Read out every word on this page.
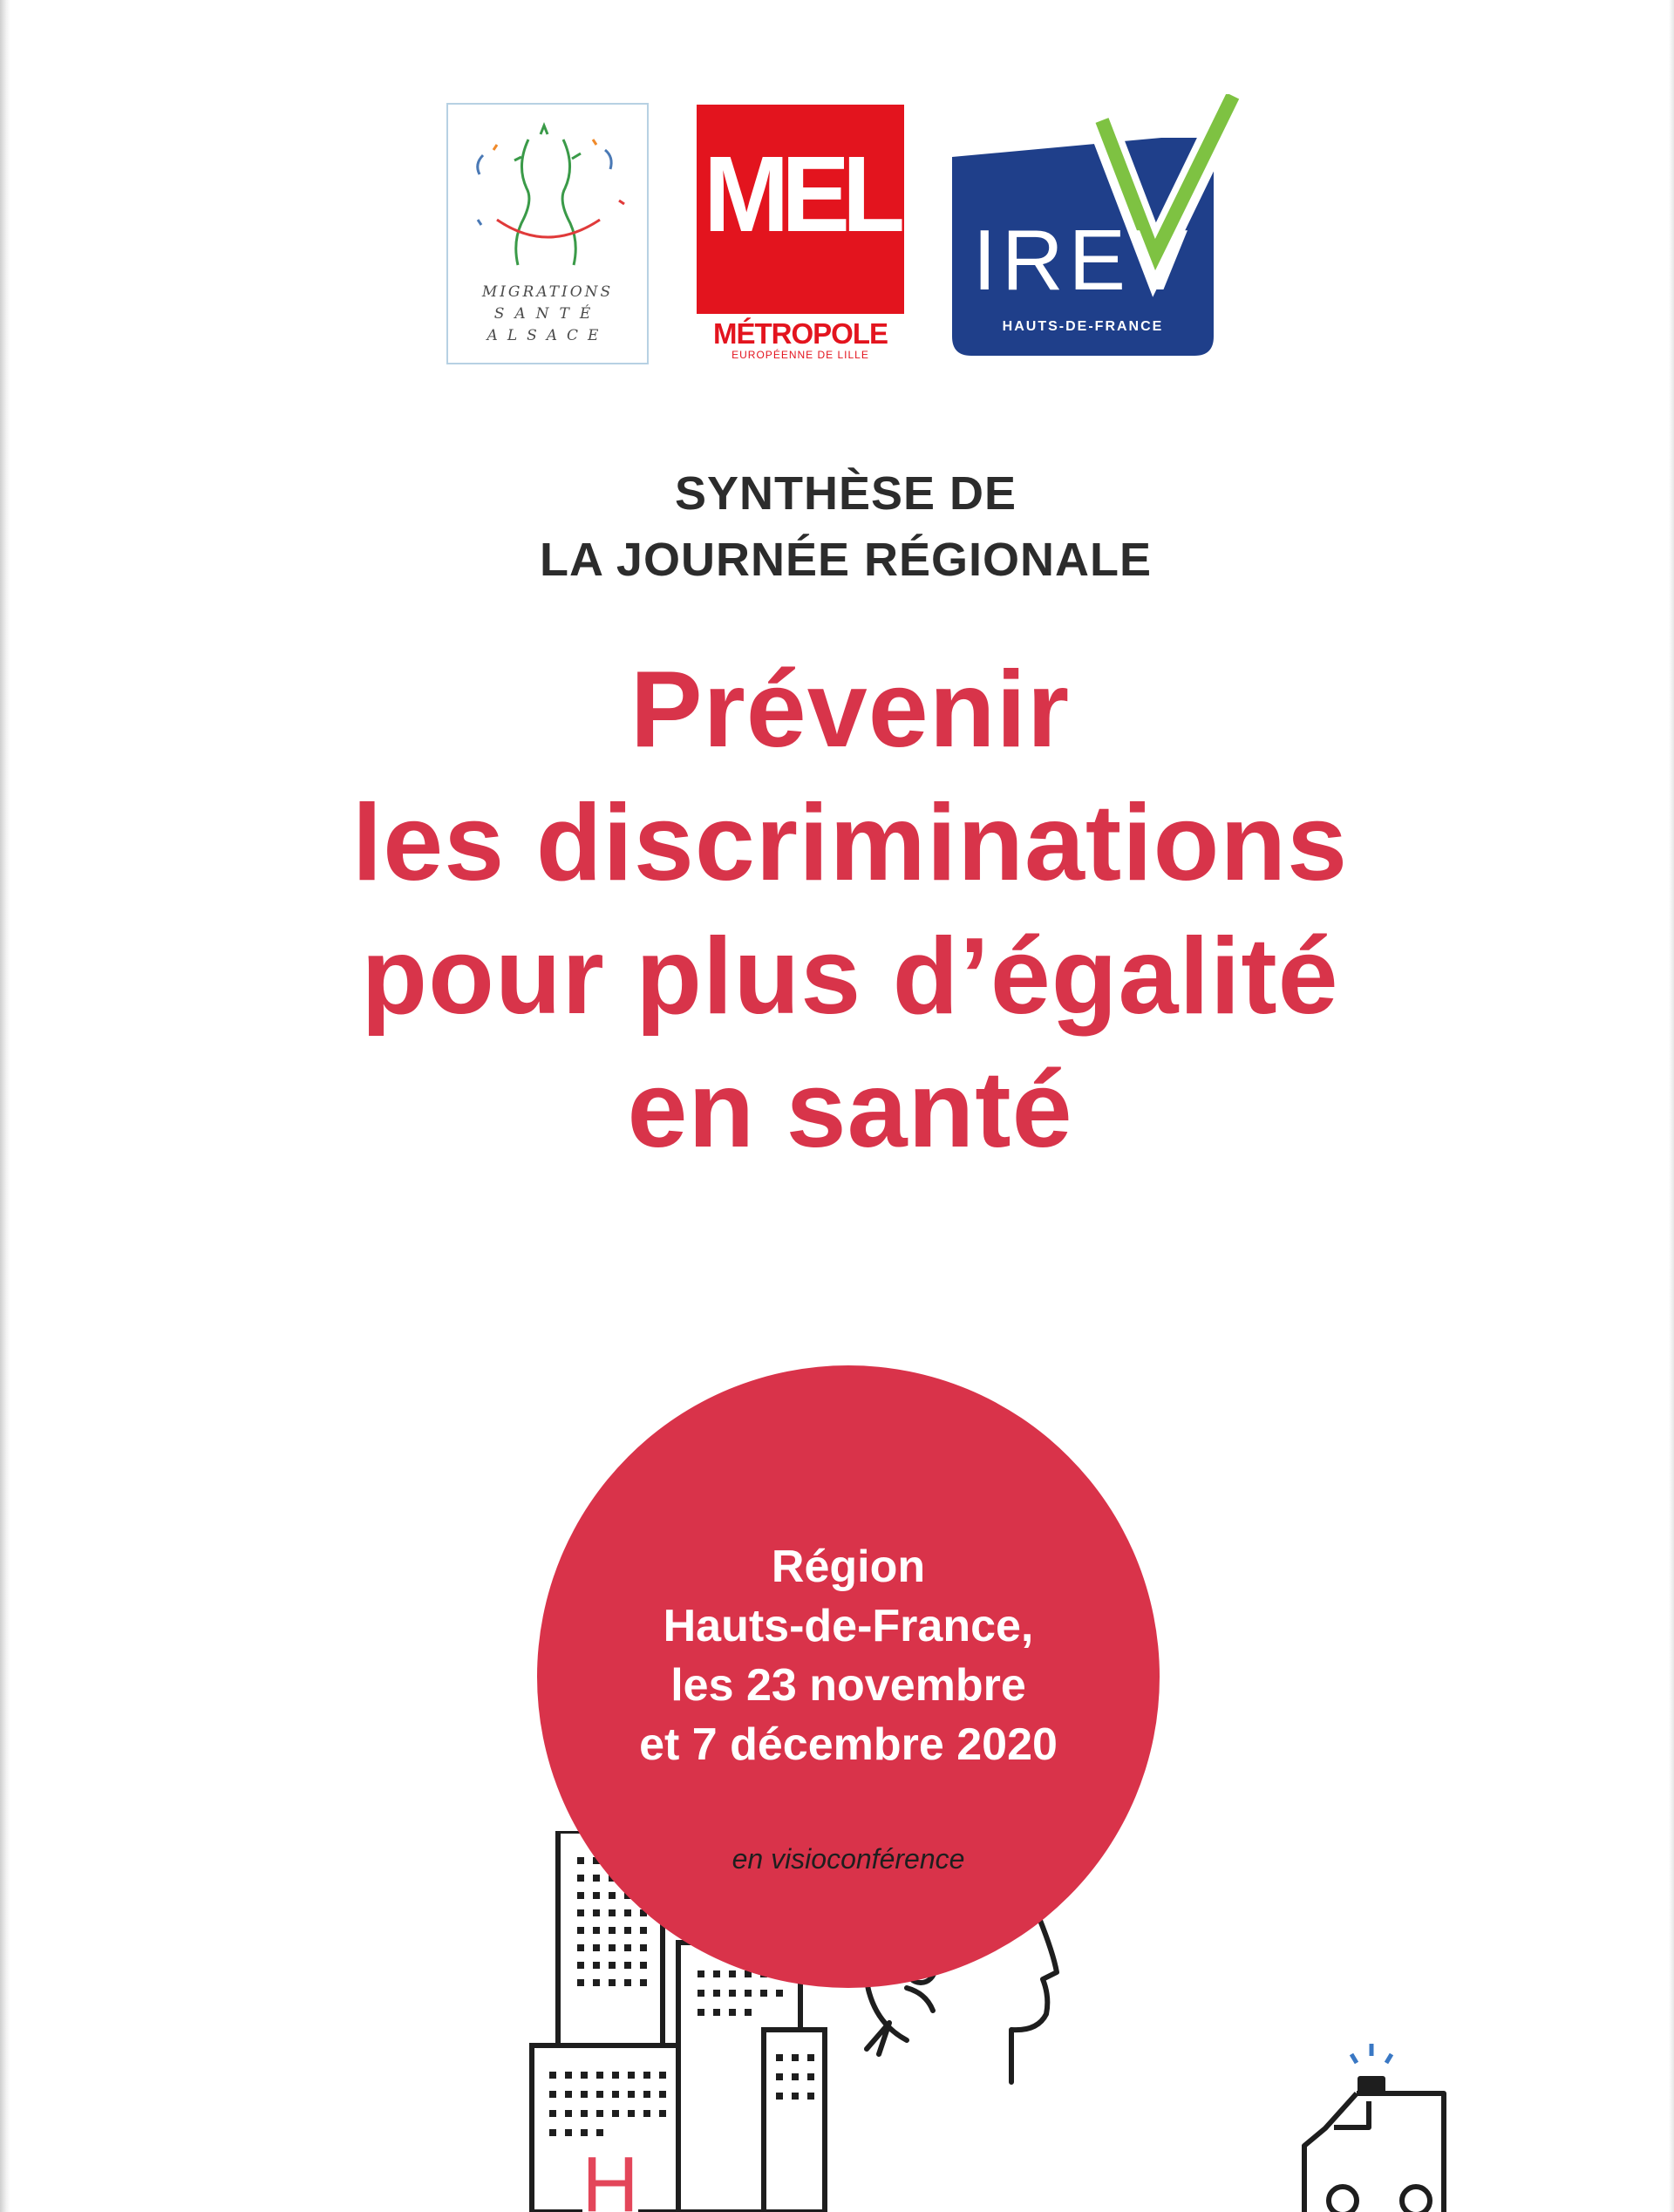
MIGRATIONS
SANTÉ
ALSACE
MEL
MÉTROPOLE
EUROPÉENNE DE LILLE
IREV
HAUTS-DE-FRANCE
SYNTHÈSE DE
LA JOURNÉE RÉGIONALE
Prévenir
les discriminations
pour plus d’égalité
en santé
H
Région
Hauts-de-France,
les 23 novembre
et 7 décembre 2020
en visioconférence
